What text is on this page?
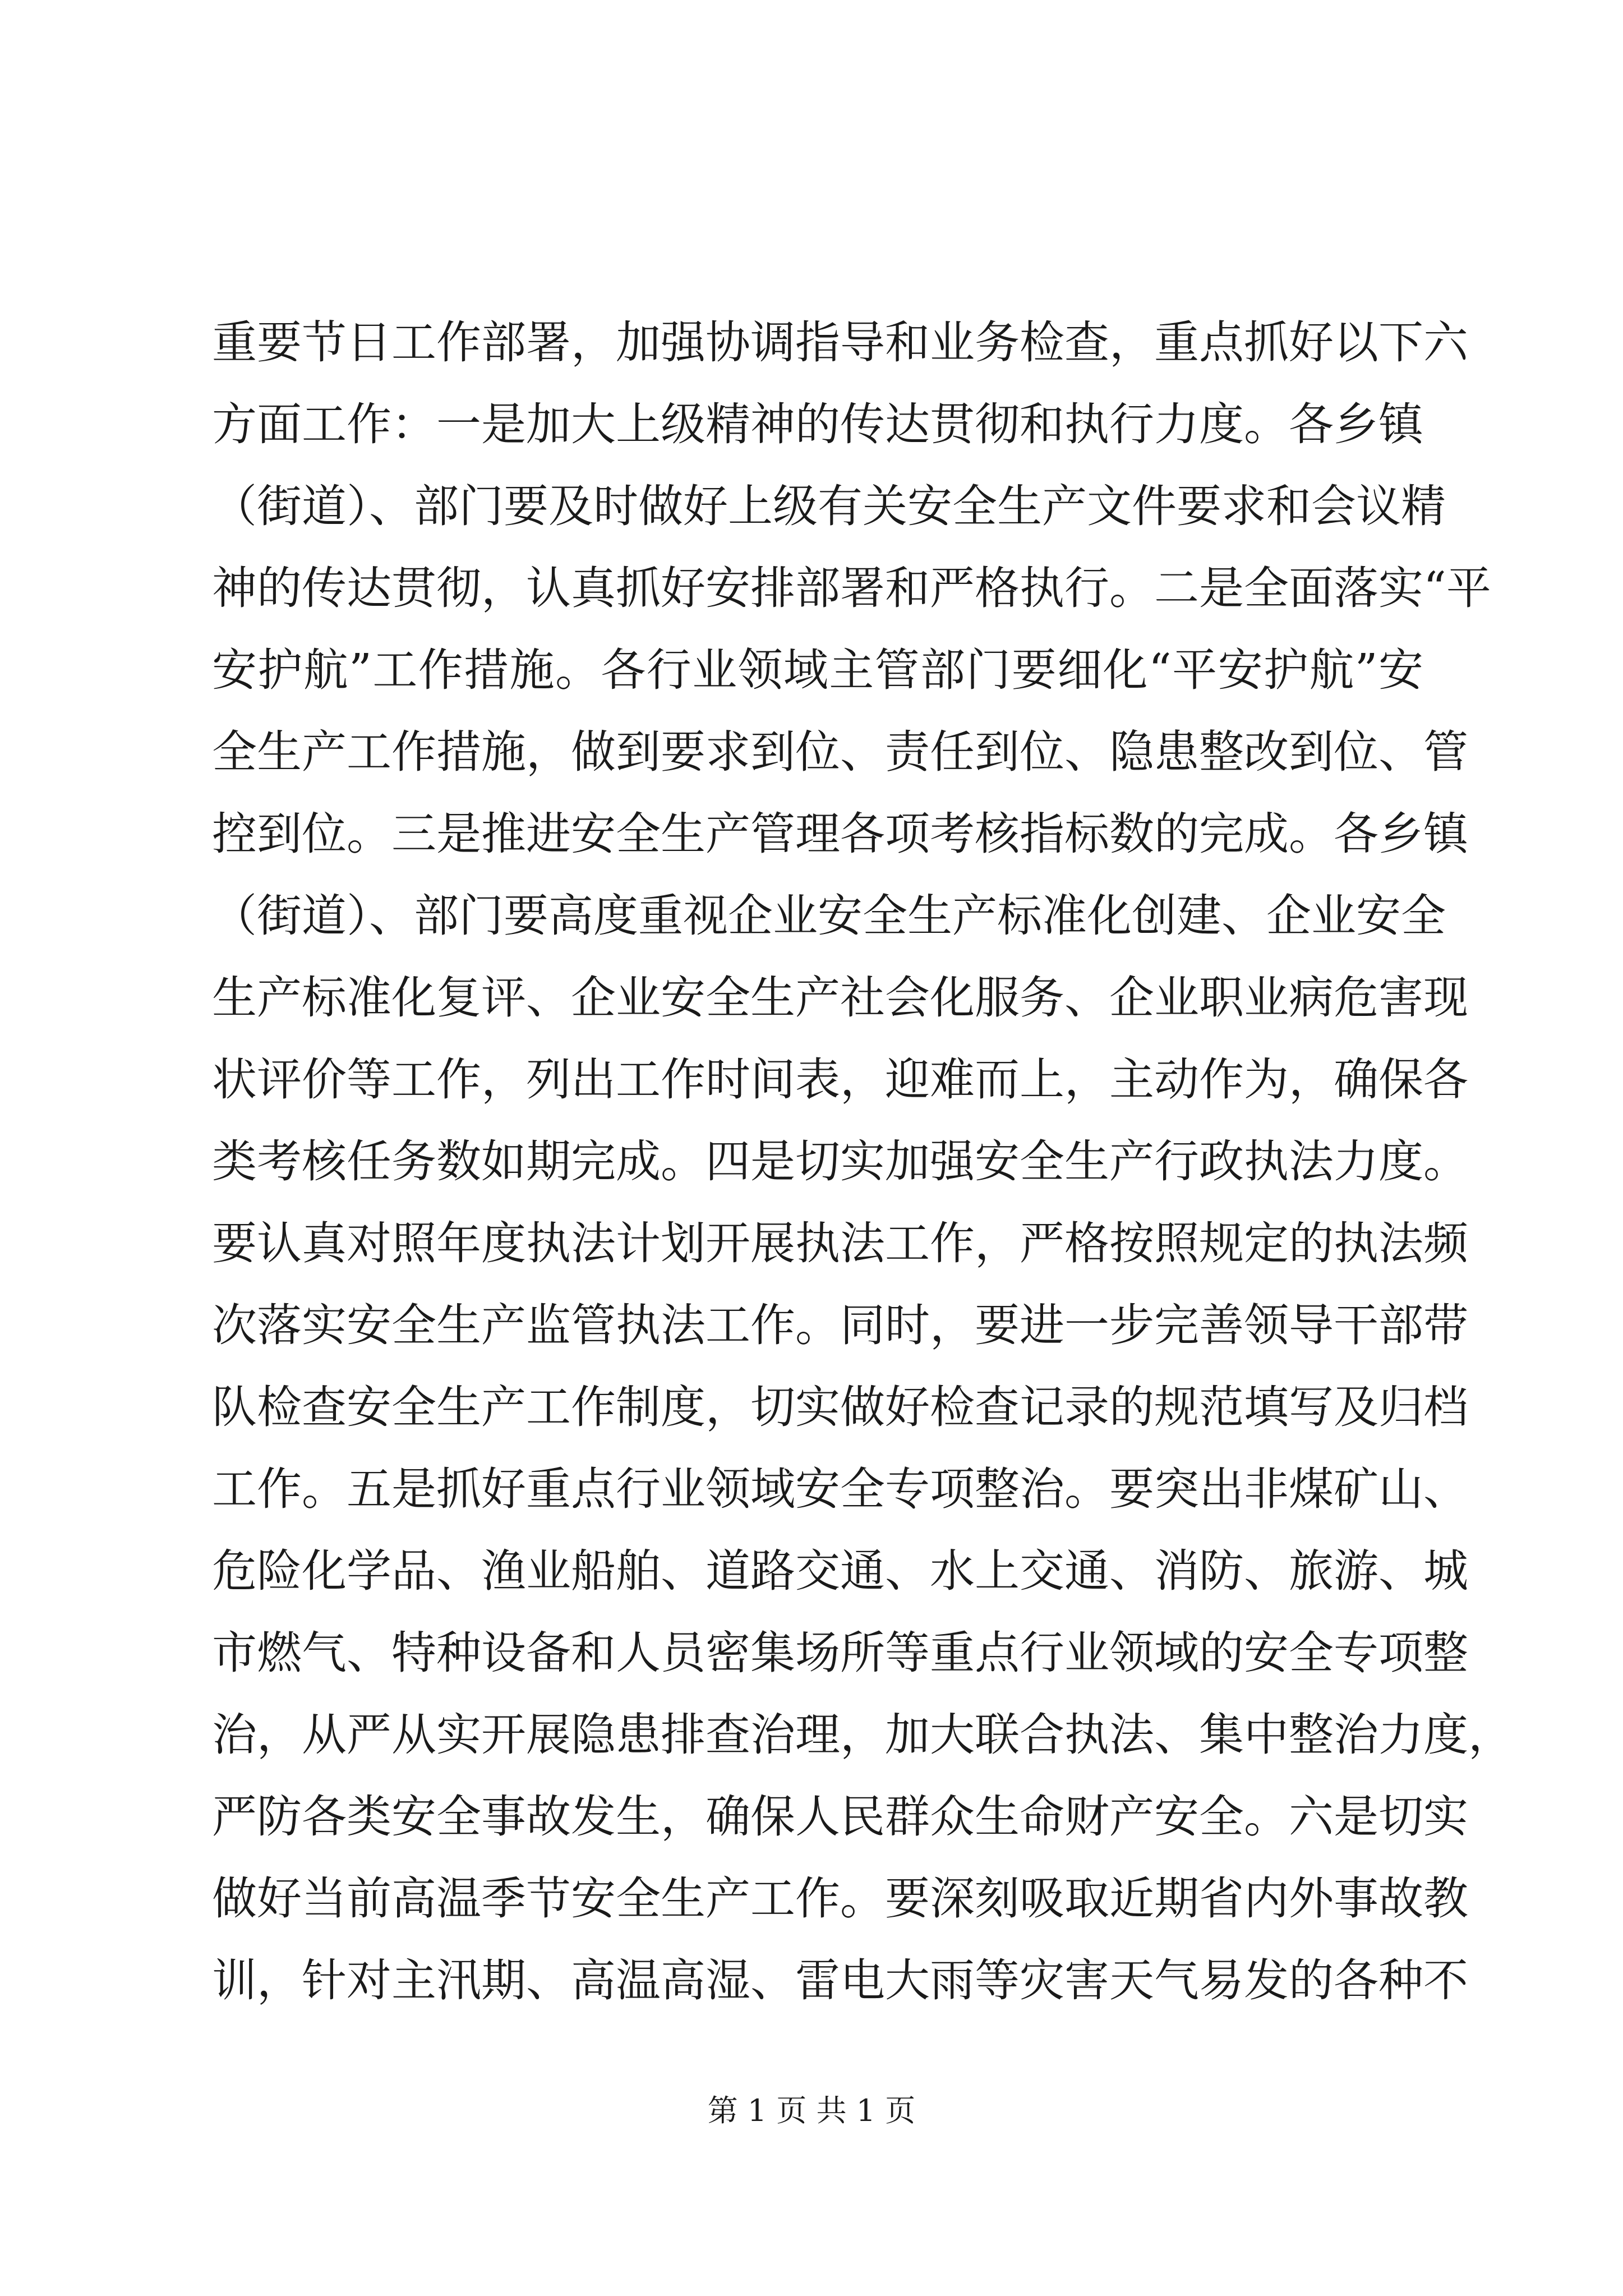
重要节日工作部署，加强协调指导和业务检查，重点抓好以下六
方面工作：一是加大上级精神的传达贯彻和执行力度。各乡镇
（街道）、部门要及时做好上级有关安全生产文件要求和会议精
神的传达贯彻，认真抓好安排部署和严格执行。二是全面落实“平
安护航”工作措施。各行业领域主管部门要细化“平安护航”安
全生产工作措施，做到要求到位、责任到位、隐患整改到位、管
控到位。三是推进安全生产管理各项考核指标数的完成。各乡镇
（街道）、部门要高度重视企业安全生产标准化创建、企业安全
生产标准化复评、企业安全生产社会化服务、企业职业病危害现
状评价等工作，列出工作时间表，迎难而上，主动作为，确保各
类考核任务数如期完成。四是切实加强安全生产行政执法力度。
要认真对照年度执法计划开展执法工作，严格按照规定的执法频
次落实安全生产监管执法工作。同时，要进一步完善领导干部带
队检查安全生产工作制度，切实做好检查记录的规范填写及归档
工作。五是抓好重点行业领域安全专项整治。要突出非煤矿山、
危险化学品、渔业船舶、道路交通、水上交通、消防、旅游、城
市燃气、特种设备和人员密集场所等重点行业领域的安全专项整
治，从严从实开展隐患排查治理，加大联合执法、集中整治力度，
严防各类安全事故发生，确保人民群众生命财产安全。六是切实
做好当前高温季节安全生产工作。要深刻吸取近期省内外事故教
训，针对主汛期、高温高湿、雷电大雨等灾害天气易发的各种不
第 1 页 共 1 页
